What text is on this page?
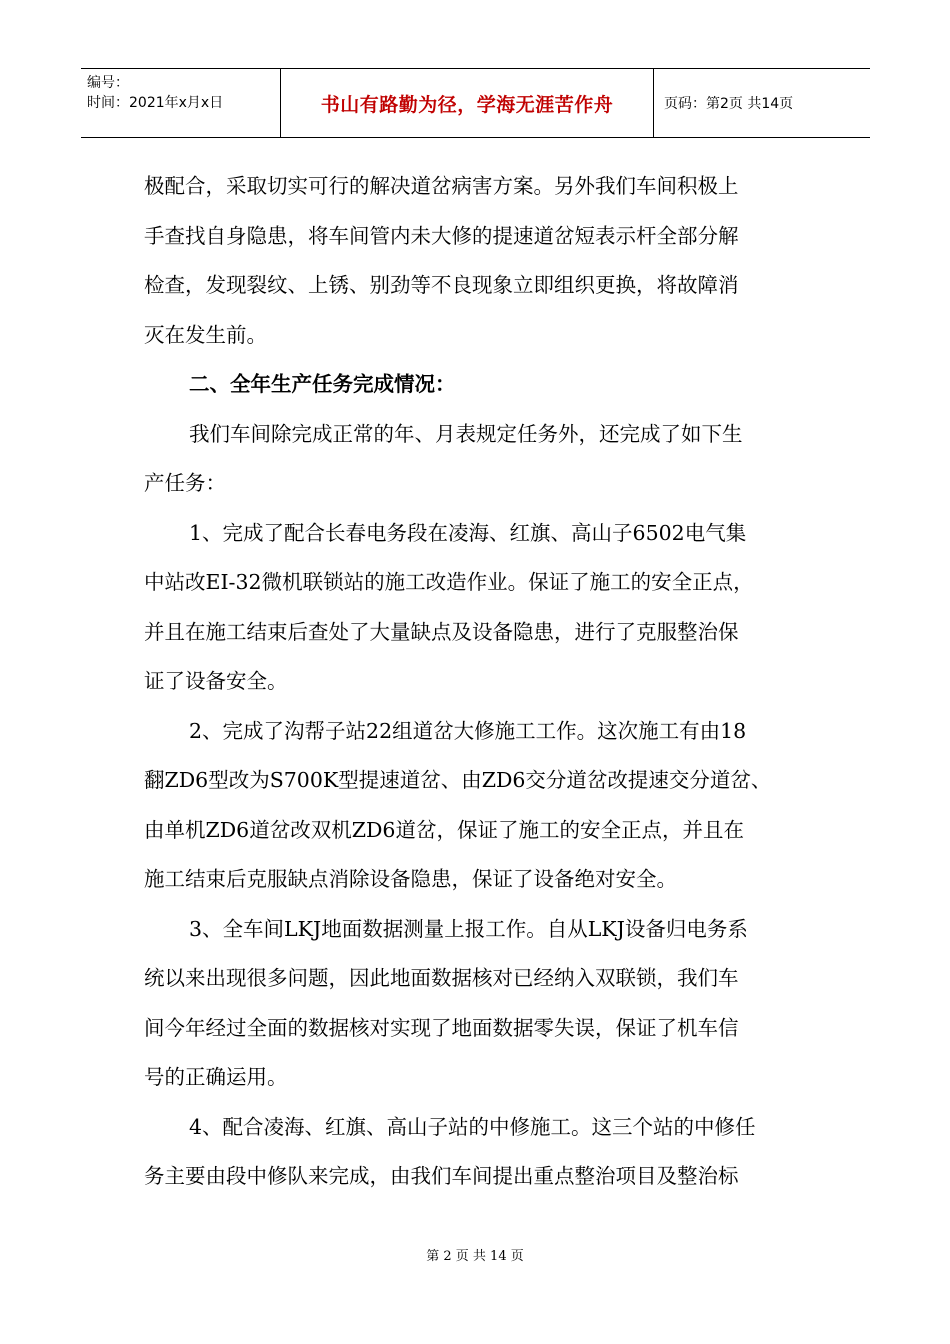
编号：
时间：2021年x月x日	书山有路勤为径，学海无涯苦作舟	页码：第2页 共14页
极配合，采取切实可行的解决道岔病害方案。另外我们车间积极上
手查找自身隐患，将车间管内未大修的提速道岔短表示杆全部分解
检查，发现裂纹、上锈、别劲等不良现象立即组织更换，将故障消
灭在发生前。
二、全年生产任务完成情况：
我们车间除完成正常的年、月表规定任务外，还完成了如下生
产任务：
1、完成了配合长春电务段在凌海、红旗、高山子6502电气集
中站改EI-32微机联锁站的施工改造作业。保证了施工的安全正点，
并且在施工结束后查处了大量缺点及设备隐患，进行了克服整治保
证了设备安全。
2、完成了沟帮子站22组道岔大修施工工作。这次施工有由18
翻ZD6型改为S700K型提速道岔、由ZD6交分道岔改提速交分道岔、
由单机ZD6道岔改双机ZD6道岔，保证了施工的安全正点，并且在
施工结束后克服缺点消除设备隐患，保证了设备绝对安全。
3、全车间LKJ地面数据测量上报工作。自从LKJ设备归电务系
统以来出现很多问题，因此地面数据核对已经纳入双联锁，我们车
间今年经过全面的数据核对实现了地面数据零失误，保证了机车信
号的正确运用。
4、配合凌海、红旗、高山子站的中修施工。这三个站的中修任
务主要由段中修队来完成，由我们车间提出重点整治项目及整治标
第 2 页 共 14 页
